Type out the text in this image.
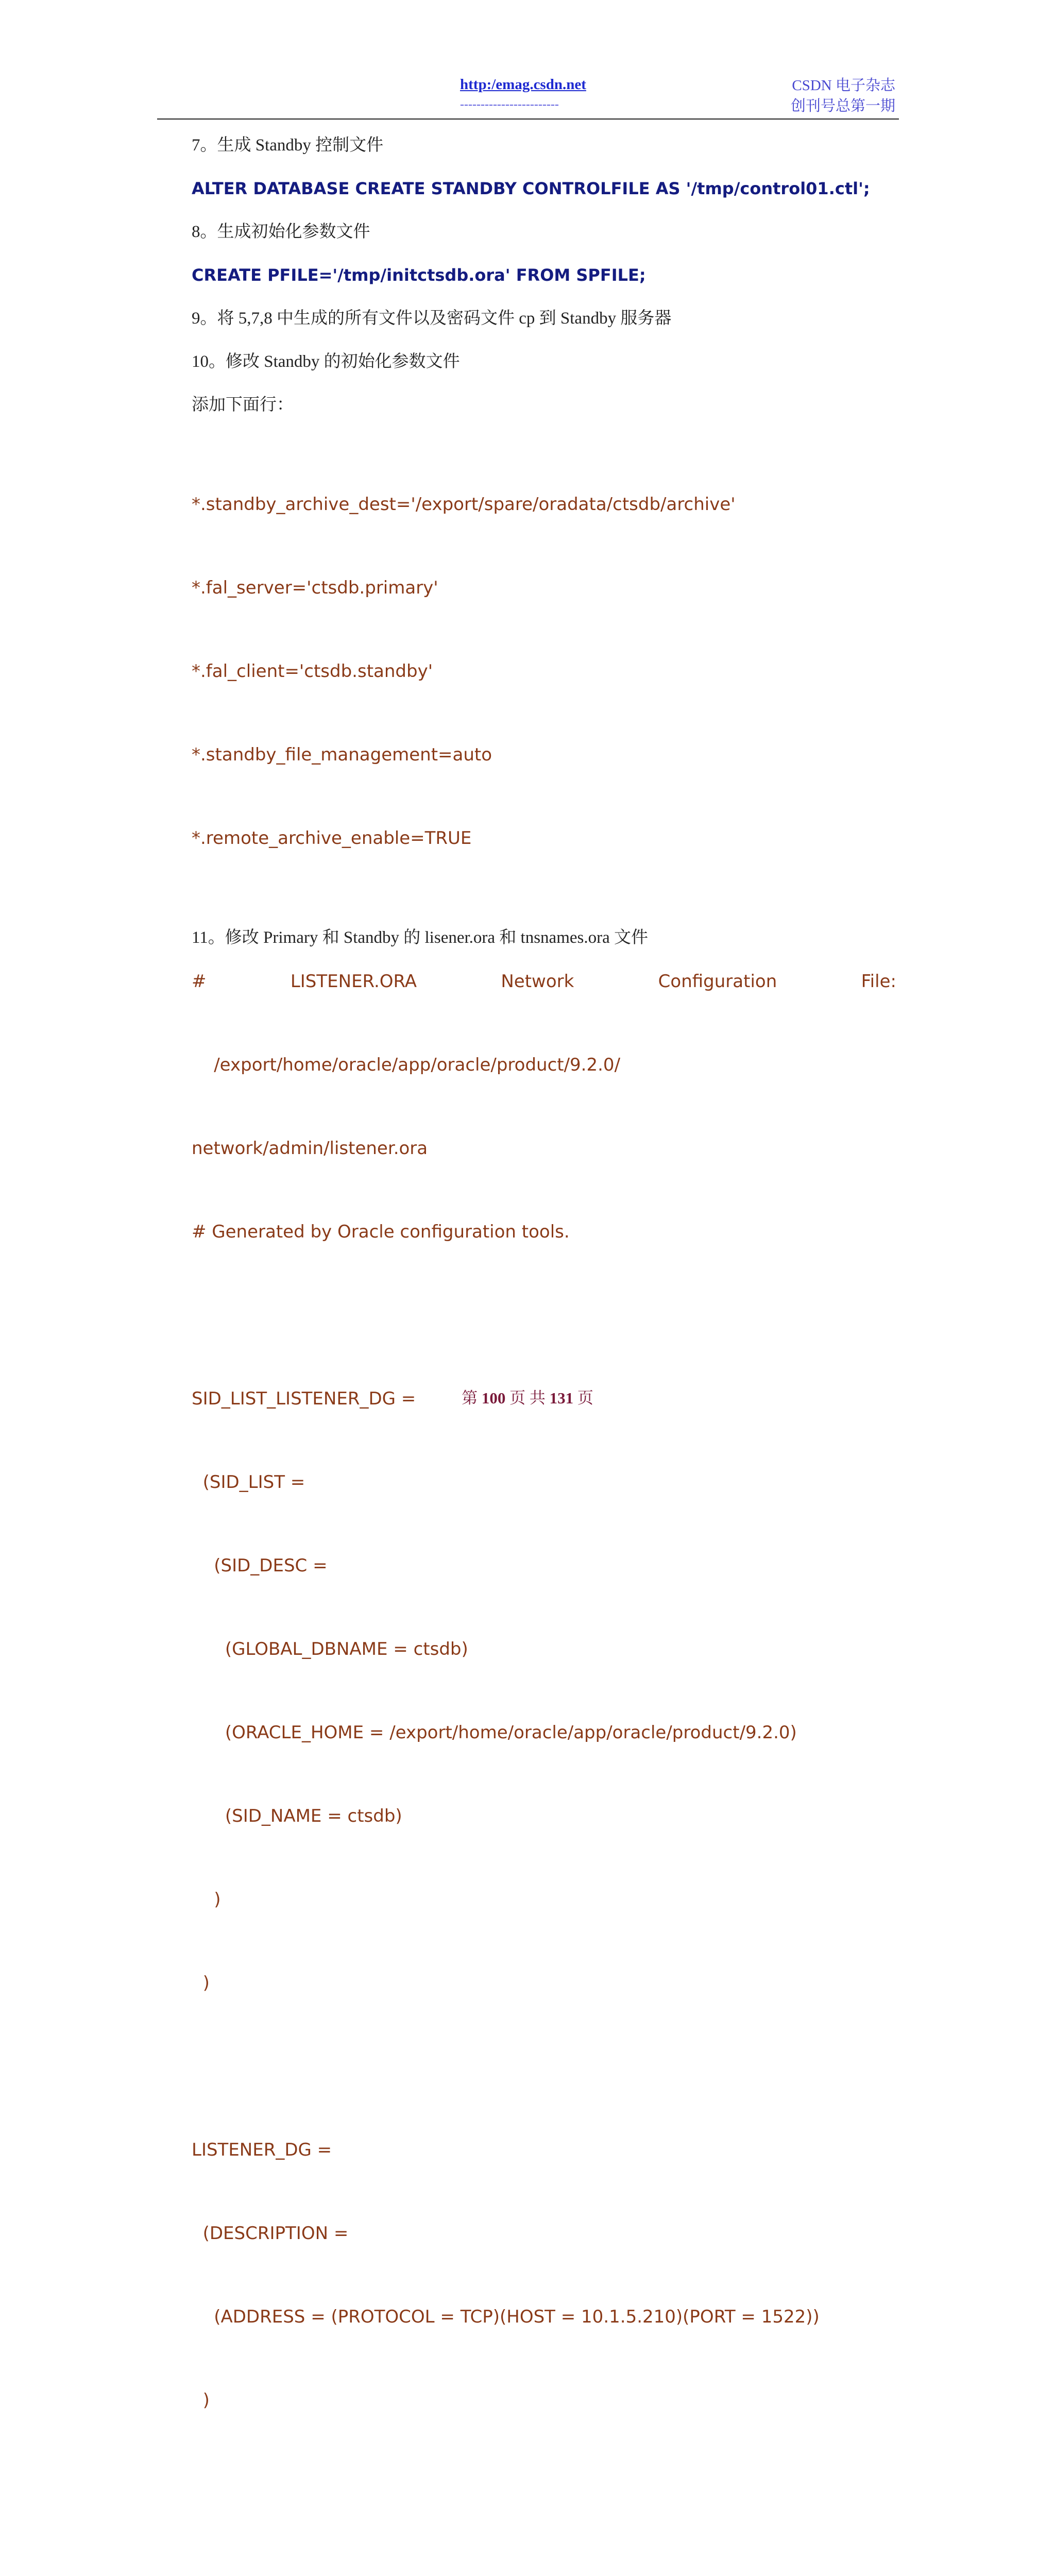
http:/emag.csdn.net
------------------------
CSDN 电子杂志
创刊号总第一期

7。生成 Standby 控制文件

ALTER DATABASE CREATE STANDBY CONTROLFILE AS '/tmp/control01.ctl';

8。生成初始化参数文件

CREATE PFILE='/tmp/initctsdb.ora' FROM SPFILE;

9。将 5,7,8 中生成的所有文件以及密码文件 cp 到 Standby 服务器

10。修改 Standby 的初始化参数文件

添加下面行：

*.standby_archive_dest='/export/spare/oradata/ctsdb/archive'

*.fal_server='ctsdb.primary'

*.fal_client='ctsdb.standby'

*.standby_file_management=auto

*.remote_archive_enable=TRUE

11。修改 Primary 和 Standby 的 lisener.ora 和 tnsnames.ora 文件

#	LISTENER.ORA	Network	Configuration	File:

/export/home/oracle/app/oracle/product/9.2.0/

network/admin/listener.ora

# Generated by Oracle configuration tools.

SID_LIST_LISTENER_DG =

(SID_LIST =

(SID_DESC =

(GLOBAL_DBNAME = ctsdb)

(ORACLE_HOME = /export/home/oracle/app/oracle/product/9.2.0)

(SID_NAME = ctsdb)

)

)

LISTENER_DG =

(DESCRIPTION =

(ADDRESS = (PROTOCOL = TCP)(HOST = 10.1.5.210)(PORT = 1522))

)

第 100 页 共 131 页
